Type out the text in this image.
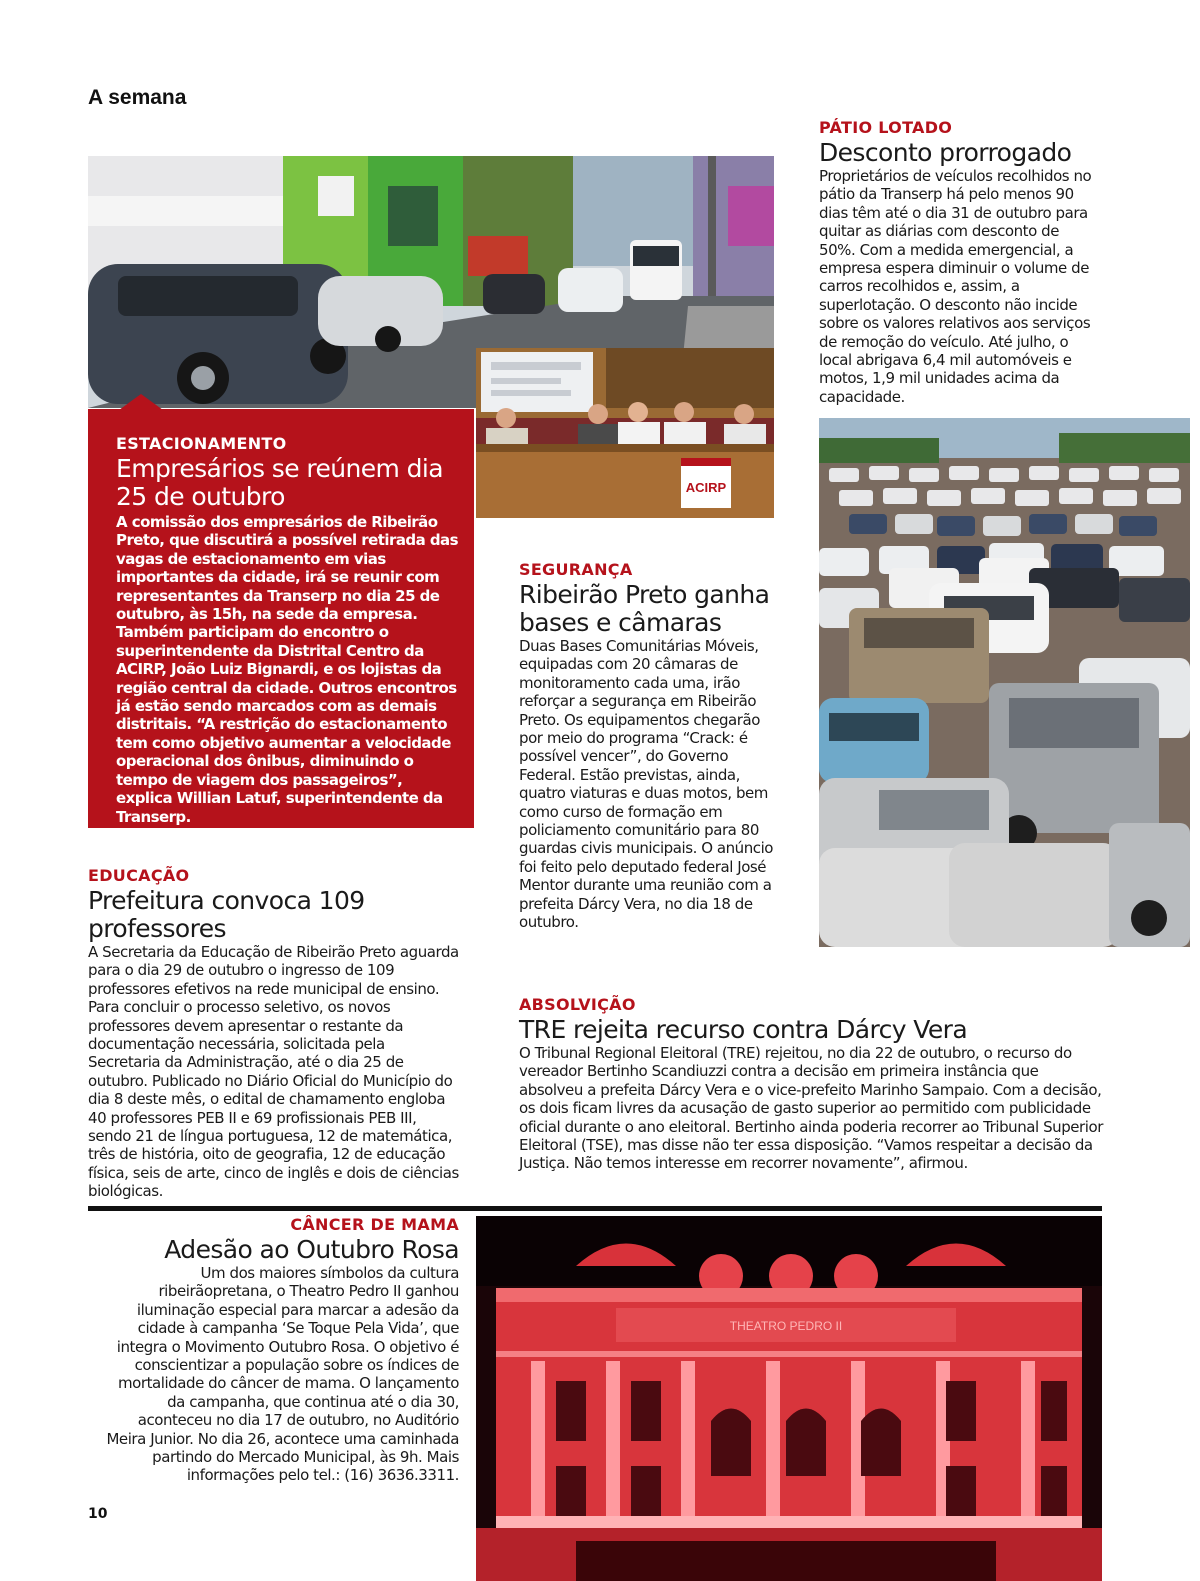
A semana
ACIRP
ESTACIONAMENTO
Empresários se reúnem dia 25 de outubro
A comissão dos empresários de Ribeirão Preto, que discutirá a possível retirada das vagas de estacionamento em vias importantes da cidade, irá se reunir com representantes da Transerp no dia 25 de outubro, às 15h, na sede da empresa. Também participam do encontro o superintendente da Distrital Centro da ACIRP, João Luiz Bignardi, e os lojistas da região central da cidade. Outros encontros já estão sendo marcados com as demais distritais. “A restrição do estacionamento tem como objetivo aumentar a velocidade operacional dos ônibus, diminuindo o tempo de viagem dos passageiros”, explica Willian Latuf, superintendente da Transerp.
PÁTIO LOTADO
Desconto prorrogado
Proprietários de veículos recolhidos no pátio da Transerp há pelo menos 90 dias têm até o dia 31 de outubro para quitar as diárias com desconto de 50%. Com a medida emergencial, a empresa espera diminuir o volume de carros recolhidos e, assim, a superlotação. O desconto não incide sobre os valores relativos aos serviços de remoção do veículo. Até julho, o local abrigava 6,4 mil automóveis e motos, 1,9 mil unidades acima da capacidade.
SEGURANÇA
Ribeirão Preto ganha bases e câmaras
Duas Bases Comunitárias Móveis, equipadas com 20 câmaras de monitoramento cada uma, irão reforçar a segurança em Ribeirão Preto. Os equipamentos chegarão por meio do programa “Crack: é possível vencer”, do Governo Federal. Estão previstas, ainda, quatro viaturas e duas motos, bem como curso de formação em policiamento comunitário para 80 guardas civis municipais. O anúncio foi feito pelo deputado federal José Mentor durante uma reunião com a prefeita Dárcy Vera, no dia 18 de outubro.
EDUCAÇÃO
Prefeitura convoca 109 professores
A Secretaria da Educação de Ribeirão Preto aguarda para o dia 29 de outubro o ingresso de 109 professores efetivos na rede municipal de ensino. Para concluir o processo seletivo, os novos professores devem apresentar o restante da documentação necessária, solicitada pela Secretaria da Administração, até o dia 25 de outubro. Publicado no Diário Oficial do Município do dia 8 deste mês, o edital de chamamento engloba 40 professores PEB II e 69 profissionais PEB III, sendo 21 de língua portuguesa, 12 de matemática, três de história, oito de geografia, 12 de educação física, seis de arte, cinco de inglês e dois de ciências biológicas.
ABSOLVIÇÃO
TRE rejeita recurso contra Dárcy Vera
O Tribunal Regional Eleitoral (TRE) rejeitou, no dia 22 de outubro, o recurso do vereador Bertinho Scandiuzzi contra a decisão em primeira instância que absolveu a prefeita Dárcy Vera e o vice-prefeito Marinho Sampaio. Com a decisão, os dois ficam livres da acusação de gasto superior ao permitido com publicidade oficial durante o ano eleitoral. Bertinho ainda poderia recorrer ao Tribunal Superior Eleitoral (TSE), mas disse não ter essa disposição. “Vamos respeitar a decisão da Justiça. Não temos interesse em recorrer novamente”, afirmou.
CÂNCER DE MAMA
Adesão ao Outubro Rosa
Um dos maiores símbolos da cultura ribeirãopretana, o Theatro Pedro II ganhou iluminação especial para marcar a adesão da cidade à campanha ‘Se Toque Pela Vida’, que integra o Movimento Outubro Rosa. O objetivo é conscientizar a população sobre os índices de mortalidade do câncer de mama. O lançamento da campanha, que continua até o dia 30, aconteceu no dia 17 de outubro, no Auditório Meira Junior. No dia 26, acontece uma caminhada partindo do Mercado Municipal, às 9h. Mais informações pelo tel.: (16) 3636.3311.
THEATRO PEDRO II
10
